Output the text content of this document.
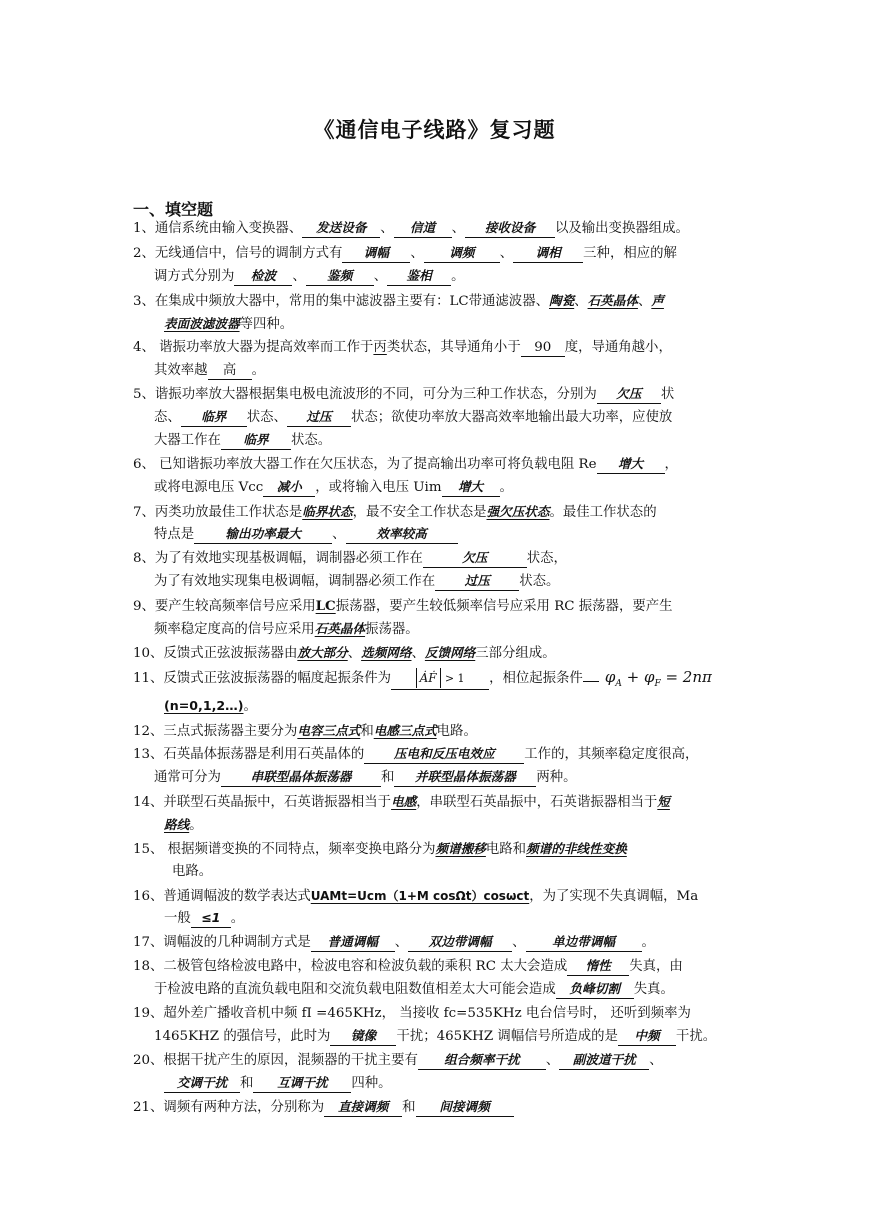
《通信电子线路》复习题
一、填空题
1、通信系统由输入变换器、 发送设备 、 信道 、 接收设备 以及输出变换器组成。
2、无线通信中，信号的调制方式有 调幅 、 调频 、 调相 三种，相应的解
调方式分别为 检波 、 鉴频 、 鉴相 。
3、在集成中频放大器中，常用的集中滤波器主要有：LC带通滤波器、陶瓷、石英晶体、声
表面波滤波器等四种。
4、 谐振功率放大器为提高效率而工作于丙类状态，其导通角小于 90 度，导通角越小，
其效率越 高 。
5、谐振功率放大器根据集电极电流波形的不同，可分为三种工作状态，分别为 欠压 状
态、 临界 状态、 过压 状态；欲使功率放大器高效率地输出最大功率，应使放
大器工作在 临界 状态。
6、 已知谐振功率放大器工作在欠压状态，为了提高输出功率可将负载电阻 Re 增大 ，
或将电源电压 Vcc 减小 ，或将输入电压 Uim 增大 。
7、丙类功放最佳工作状态是临界状态，最不安全工作状态是强欠压状态。最佳工作状态的
特点是 输出功率最大 、 效率较高
8、为了有效地实现基极调幅，调制器必须工作在	欠压	状态，
为了有效地实现集电极调幅，调制器必须工作在 过压 状态。
9、要产生较高频率信号应采用LC振荡器，要产生较低频率信号应采用 RC 振荡器，要产生
频率稳定度高的信号应采用石英晶体振荡器。
10、反馈式正弦波振荡器由放大部分、选频网络、反馈网络三部分组成。
11、反馈式正弦波振荡器的幅度起振条件为 ȦḞ > 1 ，相位起振条件 $\varphi_A + \varphi_F = 2n\pi$
(n=0,1,2…)。
12、三点式振荡器主要分为电容三点式和电感三点式电路。
13、石英晶体振荡器是利用石英晶体的 压电和反压电效应 工作的，其频率稳定度很高，
通常可分为 串联型晶体振荡器 和 并联型晶体振荡器 两种。
14、并联型石英晶振中，石英谐振器相当于电感，串联型石英晶振中，石英谐振器相当于短
路线。
15、 根据频谱变换的不同特点，频率变换电路分为频谱搬移电路和频谱的非线性变换
电路。
16、普通调幅波的数学表达式UAMt=Ucm（1+M cosΩt）cosωct，为了实现不失真调幅，Ma
一般 ≤1 。
17、调幅波的几种调制方式是 普通调幅 、 双边带调幅 、 单边带调幅 。
18、二极管包络检波电路中，检波电容和检波负载的乘积 RC 太大会造成 惰性 失真，由
于检波电路的直流负载电阻和交流负载电阻数值相差太大可能会造成 负峰切割 失真。
19、超外差广播收音机中频 fI =465KHz， 当接收 fc=535KHz 电台信号时， 还听到频率为
1465KHZ 的强信号，此时为 镜像 干扰；465KHZ 调幅信号所造成的是 中频 干扰。
20、根据干扰产生的原因，混频器的干扰主要有 组合频率干扰 、 副波道干扰 、
交调干扰 和 互调干扰 四种。
21、调频有两种方法，分别称为 直接调频 和 间接调频
